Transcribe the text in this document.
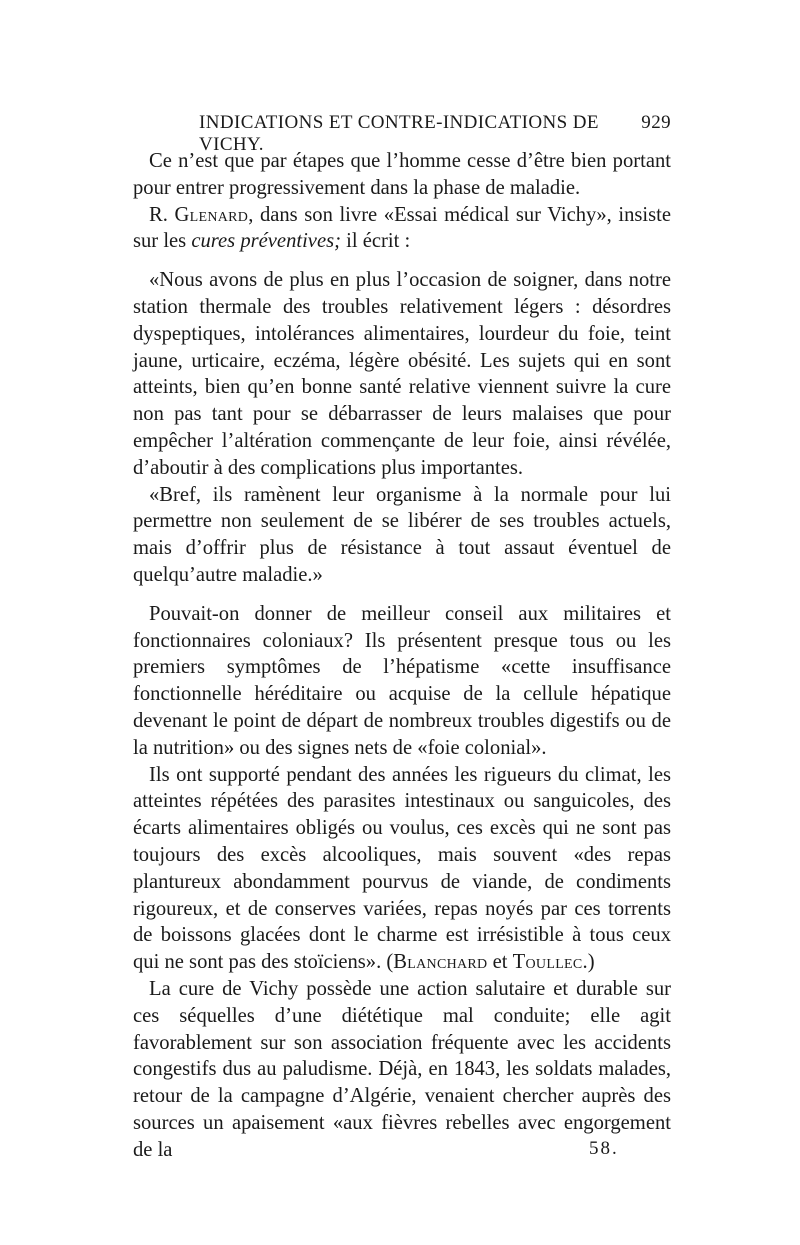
INDICATIONS ET CONTRE-INDICATIONS DE VICHY.
929

Ce n’est que par étapes que l’homme cesse d’être bien portant pour entrer progressivement dans la phase de maladie.

R. Glenard, dans son livre «Essai médical sur Vichy», insiste sur les cures préventives; il écrit :

«Nous avons de plus en plus l’occasion de soigner, dans notre station thermale des troubles relativement légers : désordres dyspeptiques, intolérances alimentaires, lourdeur du foie, teint jaune, urticaire, eczéma, légère obésité. Les sujets qui en sont atteints, bien qu’en bonne santé relative viennent suivre la cure non pas tant pour se débarrasser de leurs malaises que pour empêcher l’altération commençante de leur foie, ainsi révélée, d’aboutir à des complications plus importantes.

«Bref, ils ramènent leur organisme à la normale pour lui permettre non seulement de se libérer de ses troubles actuels, mais d’offrir plus de résistance à tout assaut éventuel de quelqu’autre maladie.»

Pouvait-on donner de meilleur conseil aux militaires et fonctionnaires coloniaux? Ils présentent presque tous ou les premiers symptômes de l’hépatisme «cette insuffisance fonctionnelle héréditaire ou acquise de la cellule hépatique devenant le point de départ de nombreux troubles digestifs ou de la nutrition» ou des signes nets de «foie colonial».

Ils ont supporté pendant des années les rigueurs du climat, les atteintes répétées des parasites intestinaux ou sanguicoles, des écarts alimentaires obligés ou voulus, ces excès qui ne sont pas toujours des excès alcooliques, mais souvent «des repas plantureux abondamment pourvus de viande, de condiments rigoureux, et de conserves variées, repas noyés par ces torrents de boissons glacées dont le charme est irrésistible à tous ceux qui ne sont pas des stoïciens». (Blanchard et Toullec.)

La cure de Vichy possède une action salutaire et durable sur ces séquelles d’une diététique mal conduite; elle agit favorablement sur son association fréquente avec les accidents congestifs dus au paludisme. Déjà, en 1843, les soldats malades, retour de la campagne d’Algérie, venaient chercher auprès des sources un apaisement «aux fièvres rebelles avec engorgement de la	58.
